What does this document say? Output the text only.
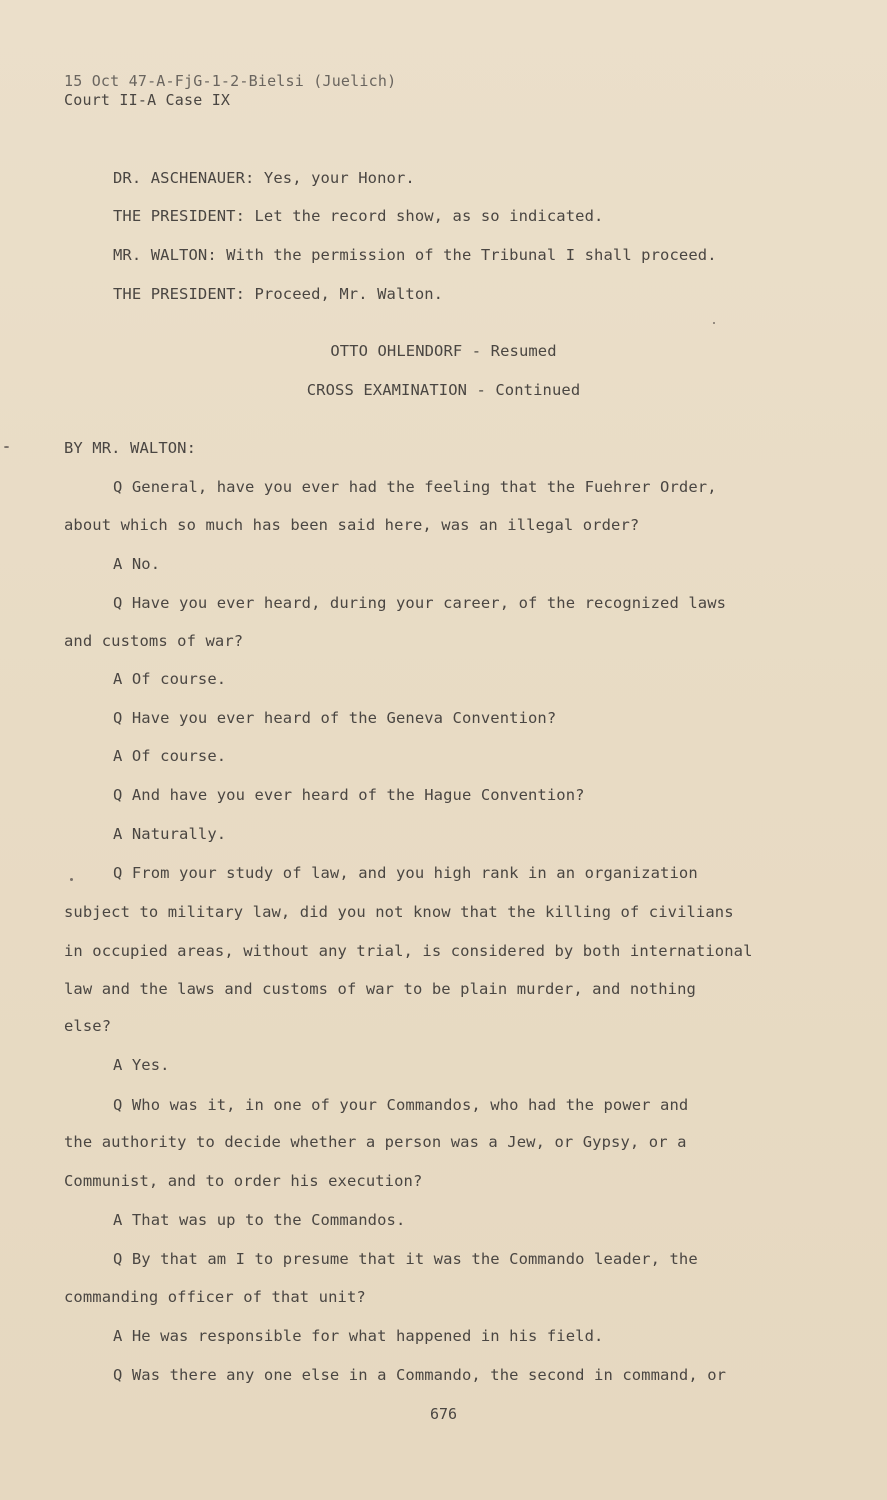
15 Oct 47-A-FjG-1-2-Bielsi (Juelich)
Court II-A Case IX
DR. ASCHENAUER: Yes, your Honor.
THE PRESIDENT: Let the record show, as so indicated.
MR. WALTON: With the permission of the Tribunal I shall proceed.
THE PRESIDENT: Proceed, Mr. Walton.
OTTO OHLENDORF - Resumed
CROSS EXAMINATION - Continued
BY MR. WALTON:
Q General, have you ever had the feeling that the Fuehrer Order,
about which so much has been said here, was an illegal order?
A No.
Q Have you ever heard, during your career, of the recognized laws
and customs of war?
A Of course.
Q Have you ever heard of the Geneva Convention?
A Of course.
Q And have you ever heard of the Hague Convention?
A Naturally.
Q From your study of law, and you high rank in an organization
subject to military law, did you not know that the killing of civilians
in occupied areas, without any trial, is considered by both international
law and the laws and customs of war to be plain murder, and nothing
else?
A Yes.
Q Who was it, in one of your Commandos, who had the power and
the authority to decide whether a person was a Jew, or Gypsy, or a
Communist, and to order his execution?
A That was up to the Commandos.
Q By that am I to presume that it was the Commando leader, the
commanding officer of that unit?
A He was responsible for what happened in his field.
Q Was there any one else in a Commando, the second in command, or
676
